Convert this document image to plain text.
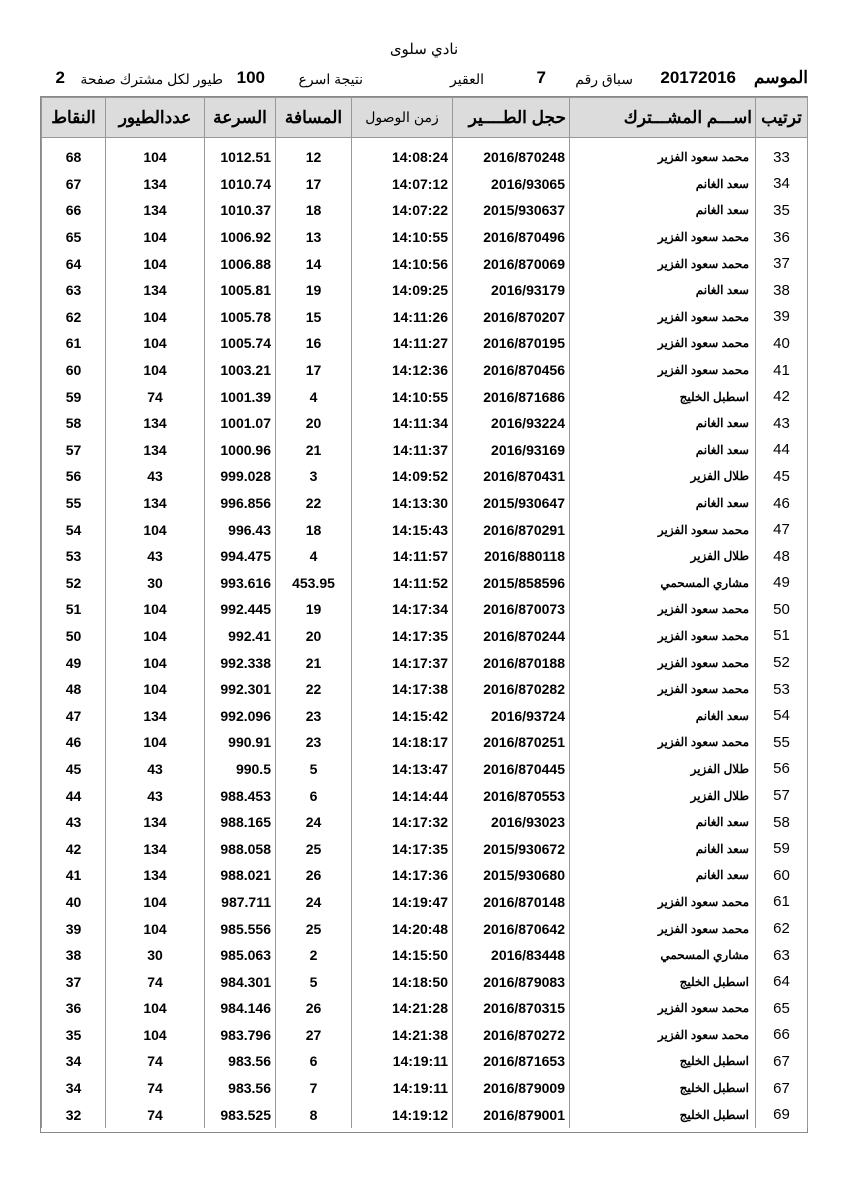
نادي سلوى
الموسم
20172016
سباق رقم
7
العقير
نتيجة اسرع
100
طيور لكل مشترك صفحة
2
النقاط	عددالطيور	السرعة	المسافة	زمن الوصول	حجل الطــــير	اســـم المشـــترك	ترتيب

68	104	1012.51	12	14:08:24	2016/870248	محمد سعود الفزير	33
67	134	1010.74	17	14:07:12	2016/93065	سعد الغانم	34
66	134	1010.37	18	14:07:22	2015/930637	سعد الغانم	35
65	104	1006.92	13	14:10:55	2016/870496	محمد سعود الفزير	36
64	104	1006.88	14	14:10:56	2016/870069	محمد سعود الفزير	37
63	134	1005.81	19	14:09:25	2016/93179	سعد الغانم	38
62	104	1005.78	15	14:11:26	2016/870207	محمد سعود الفزير	39
61	104	1005.74	16	14:11:27	2016/870195	محمد سعود الفزير	40
60	104	1003.21	17	14:12:36	2016/870456	محمد سعود الفزير	41
59	74	1001.39	4	14:10:55	2016/871686	اسطبل الخليج	42
58	134	1001.07	20	14:11:34	2016/93224	سعد الغانم	43
57	134	1000.96	21	14:11:37	2016/93169	سعد الغانم	44
56	43	999.028	3	14:09:52	2016/870431	طلال الفزير	45
55	134	996.856	22	14:13:30	2015/930647	سعد الغانم	46
54	104	996.43	18	14:15:43	2016/870291	محمد سعود الفزير	47
53	43	994.475	4	14:11:57	2016/880118	طلال الفزير	48
52	30	993.616	453.95	14:11:52	2015/858596	مشاري المسحمي	49
51	104	992.445	19	14:17:34	2016/870073	محمد سعود الفزير	50
50	104	992.41	20	14:17:35	2016/870244	محمد سعود الفزير	51
49	104	992.338	21	14:17:37	2016/870188	محمد سعود الفزير	52
48	104	992.301	22	14:17:38	2016/870282	محمد سعود الفزير	53
47	134	992.096	23	14:15:42	2016/93724	سعد الغانم	54
46	104	990.91	23	14:18:17	2016/870251	محمد سعود الفزير	55
45	43	990.5	5	14:13:47	2016/870445	طلال الفزير	56
44	43	988.453	6	14:14:44	2016/870553	طلال الفزير	57
43	134	988.165	24	14:17:32	2016/93023	سعد الغانم	58
42	134	988.058	25	14:17:35	2015/930672	سعد الغانم	59
41	134	988.021	26	14:17:36	2015/930680	سعد الغانم	60
40	104	987.711	24	14:19:47	2016/870148	محمد سعود الفزير	61
39	104	985.556	25	14:20:48	2016/870642	محمد سعود الفزير	62
38	30	985.063	2	14:15:50	2016/83448	مشاري المسحمي	63
37	74	984.301	5	14:18:50	2016/879083	اسطبل الخليج	64
36	104	984.146	26	14:21:28	2016/870315	محمد سعود الفزير	65
35	104	983.796	27	14:21:38	2016/870272	محمد سعود الفزير	66
34	74	983.56	6	14:19:11	2016/871653	اسطبل الخليج	67
34	74	983.56	7	14:19:11	2016/879009	اسطبل الخليج	67
32	74	983.525	8	14:19:12	2016/879001	اسطبل الخليج	69
